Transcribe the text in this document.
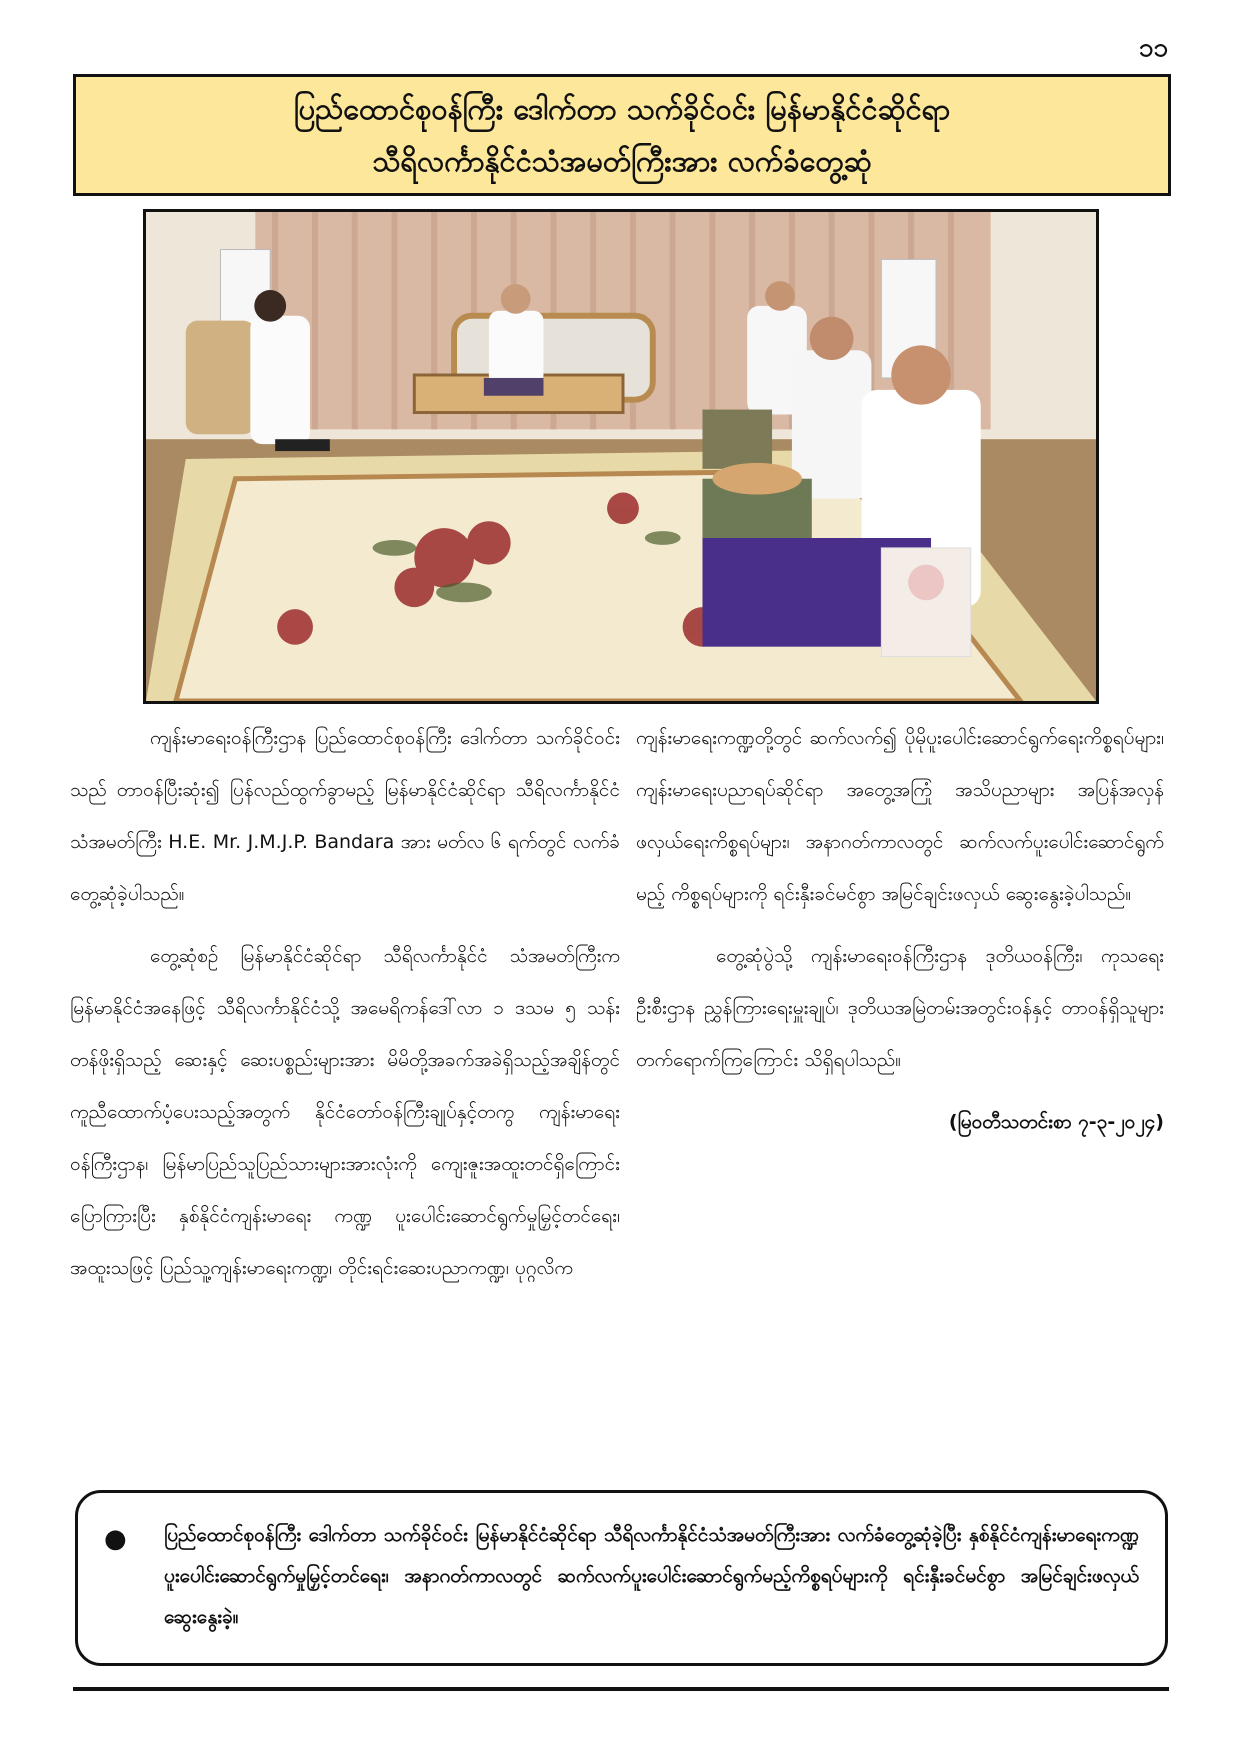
၁၁
ပြည်ထောင်စုဝန်ကြီး ဒေါက်တာ သက်ခိုင်ဝင်း မြန်မာနိုင်ငံဆိုင်ရာ
သီရိလင်္ကာနိုင်ငံသံအမတ်ကြီးအား လက်ခံတွေ့ဆုံ

ကျန်းမာရေးဝန်ကြီးဌာန ပြည်ထောင်စုဝန်ကြီး ဒေါက်တာ သက်ခိုင်ဝင်းသည် တာဝန်ပြီးဆုံး၍ ပြန်လည်ထွက်ခွာမည့် မြန်မာနိုင်ငံဆိုင်ရာ သီရိလင်္ကာနိုင်ငံ သံအမတ်ကြီး H.E. Mr. J.M.J.P. Bandara အား မတ်လ ၆ ရက်တွင် လက်ခံတွေ့ဆုံခဲ့ပါသည်။

တွေ့ဆုံစဉ် မြန်မာနိုင်ငံဆိုင်ရာ သီရိလင်္ကာနိုင်ငံ သံအမတ်ကြီးက မြန်မာနိုင်ငံအနေဖြင့် သီရိလင်္ကာနိုင်ငံသို့ အမေရိကန်ဒေါ်လာ ၁ ဒသမ ၅ သန်း တန်ဖိုးရှိသည့် ဆေးနှင့် ဆေးပစ္စည်းများအား မိမိတို့အခက်အခဲရှိသည့်အချိန်တွင် ကူညီထောက်ပံ့ပေးသည့်အတွက် နိုင်ငံတော်ဝန်ကြီးချုပ်နှင့်တကွ ကျန်းမာရေးဝန်ကြီးဌာန၊ မြန်မာပြည်သူပြည်သားများအားလုံးကို ကျေးဇူးအထူးတင်ရှိကြောင်းပြောကြားပြီး နှစ်နိုင်ငံကျန်းမာရေး ကဏ္ဍ ပူးပေါင်းဆောင်ရွက်မှုမြှင့်တင်ရေး၊ အထူးသဖြင့် ပြည်သူ့ကျန်းမာရေးကဏ္ဍ၊ တိုင်းရင်းဆေးပညာကဏ္ဍ၊ ပုဂ္ဂလိက

ကျန်းမာရေးကဏ္ဍတို့တွင် ဆက်လက်၍ ပိုမိုပူးပေါင်းဆောင်ရွက်ရေးကိစ္စရပ်များ၊ ကျန်းမာရေးပညာရပ်ဆိုင်ရာ အတွေ့အကြုံ အသိပညာများ အပြန်အလှန် ဖလှယ်ရေးကိစ္စရပ်များ၊ အနာဂတ်ကာလတွင် ဆက်လက်ပူးပေါင်းဆောင်ရွက်မည့် ကိစ္စရပ်များကို ရင်းနှီးခင်မင်စွာ အမြင်ချင်းဖလှယ် ဆွေးနွေးခဲ့ပါသည်။

တွေ့ဆုံပွဲသို့ ကျန်းမာရေးဝန်ကြီးဌာန ဒုတိယဝန်ကြီး၊ ကုသရေးဦးစီးဌာန ညွှန်ကြားရေးမှူးချုပ်၊ ဒုတိယအမြဲတမ်းအတွင်းဝန်နှင့် တာဝန်ရှိသူများ တက်ရောက်ကြကြောင်း သိရှိရပါသည်။

(မြဝတီသတင်းစာ ၇-၃-၂၀၂၄)

●	ပြည်ထောင်စုဝန်ကြီး ဒေါက်တာ သက်ခိုင်ဝင်း မြန်မာနိုင်ငံဆိုင်ရာ သီရိလင်္ကာနိုင်ငံသံအမတ်ကြီးအား လက်ခံတွေ့ဆုံခဲ့ပြီး နှစ်နိုင်ငံကျန်းမာရေးကဏ္ဍ ပူးပေါင်းဆောင်ရွက်မှုမြှင့်တင်ရေး၊ အနာဂတ်ကာလတွင် ဆက်လက်ပူးပေါင်းဆောင်ရွက်မည့်ကိစ္စရပ်များကို ရင်းနှီးခင်မင်စွာ အမြင်ချင်းဖလှယ် ဆွေးနွေးခဲ့။
